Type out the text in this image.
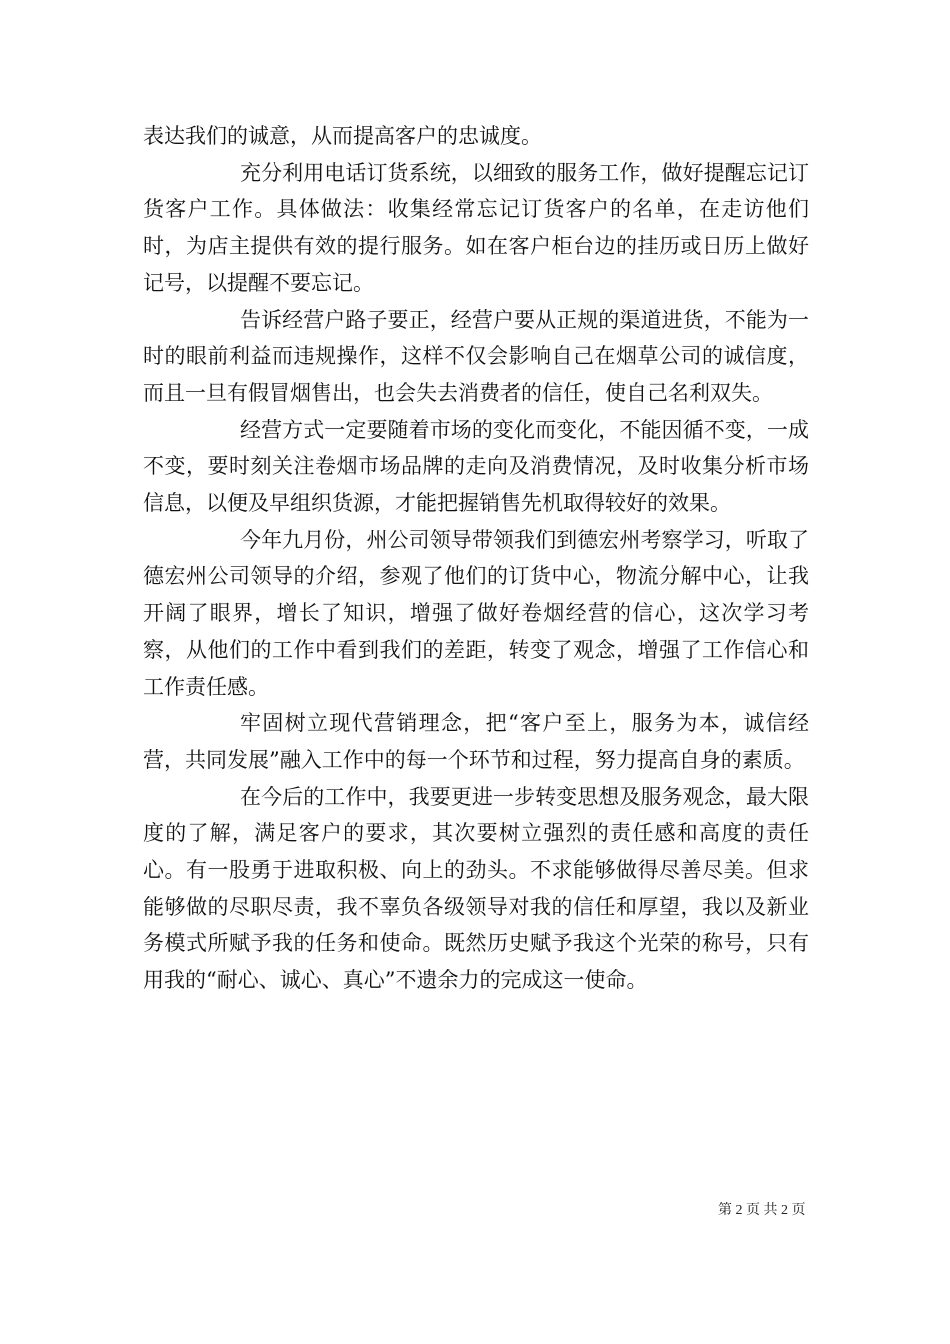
表达我们的诚意，从而提高客户的忠诚度。

充分利用电话订货系统，以细致的服务工作，做好提醒忘记订货客户工作。具体做法：收集经常忘记订货客户的名单，在走访他们时，为店主提供有效的提行服务。如在客户柜台边的挂历或日历上做好记号，以提醒不要忘记。

告诉经营户路子要正，经营户要从正规的渠道进货，不能为一时的眼前利益而违规操作，这样不仅会影响自己在烟草公司的诚信度，而且一旦有假冒烟售出，也会失去消费者的信任，使自己名利双失。

经营方式一定要随着市场的变化而变化，不能因循不变，一成不变，要时刻关注卷烟市场品牌的走向及消费情况，及时收集分析市场信息，以便及早组织货源，才能把握销售先机取得较好的效果。

今年九月份，州公司领导带领我们到德宏州考察学习，听取了德宏州公司领导的介绍，参观了他们的订货中心，物流分解中心，让我开阔了眼界，增长了知识，增强了做好卷烟经营的信心，这次学习考察，从他们的工作中看到我们的差距，转变了观念，增强了工作信心和工作责任感。

牢固树立现代营销理念，把“客户至上，服务为本，诚信经营，共同发展”融入工作中的每一个环节和过程，努力提高自身的素质。

在今后的工作中，我要更进一步转变思想及服务观念，最大限度的了解，满足客户的要求，其次要树立强烈的责任感和高度的责任心。有一股勇于进取积极、向上的劲头。不求能够做得尽善尽美。但求能够做的尽职尽责，我不辜负各级领导对我的信任和厚望，我以及新业务模式所赋予我的任务和使命。既然历史赋予我这个光荣的称号，只有用我的“耐心、诚心、真心”不遗余力的完成这一使命。

第 2 页 共 2 页
